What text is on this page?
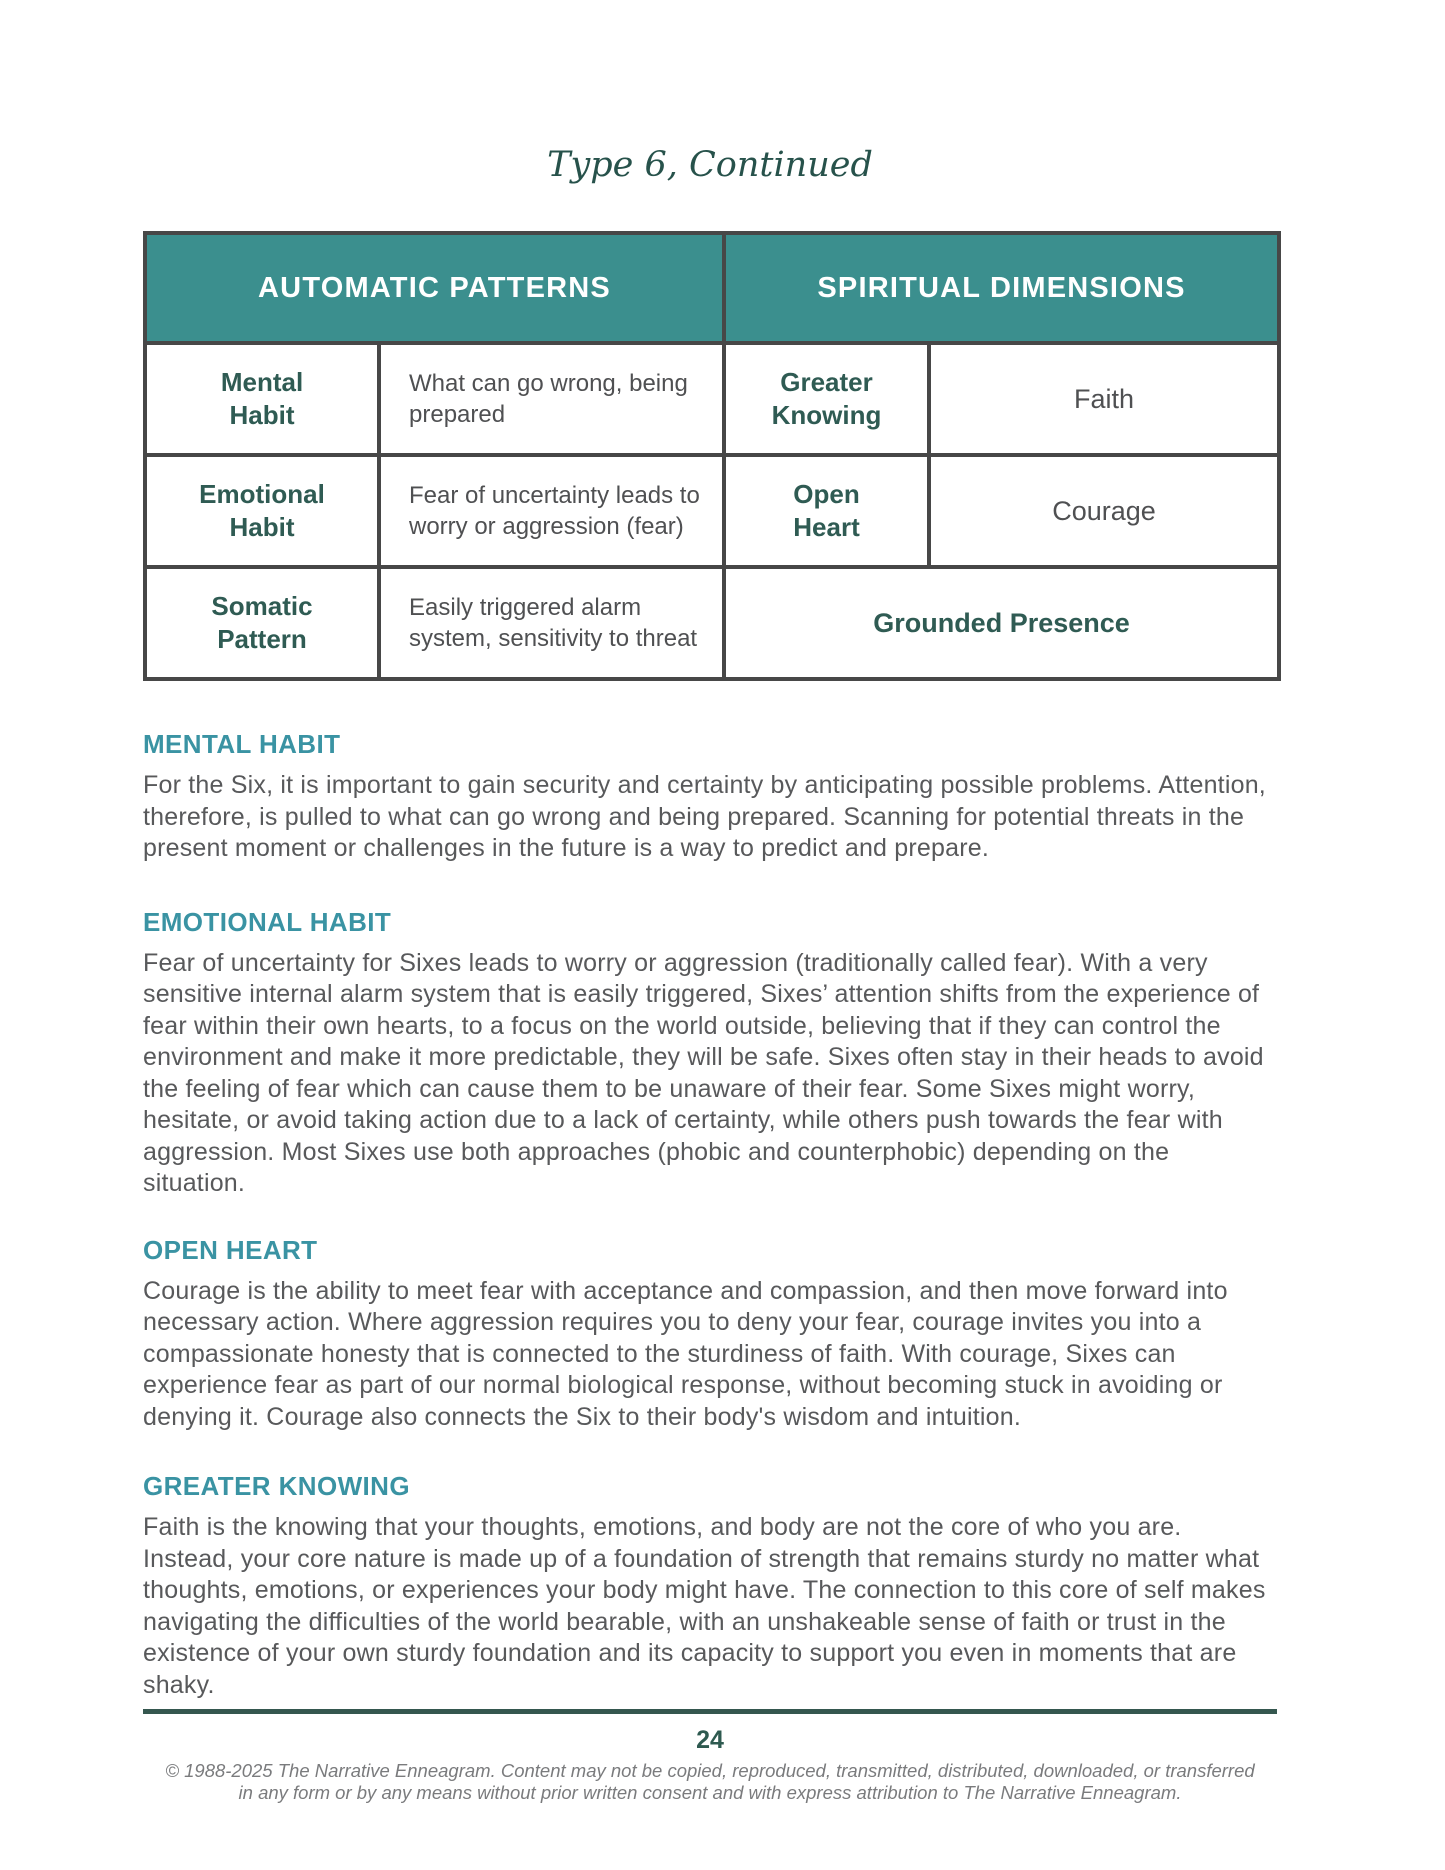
Type 6, Continued
AUTOMATIC PATTERNS		SPIRITUAL DIMENSIONS	
Mental Habit	What can go wrong, being prepared	Greater Knowing	Faith
Emotional Habit	Fear of uncertainty leads to worry or aggression (fear)	Open Heart	Courage
Somatic Pattern	Easily triggered alarm system, sensitivity to threat	Grounded Presence	
MENTAL HABIT

For the Six, it is important to gain security and certainty by anticipating possible problems. Attention, therefore, is pulled to what can go wrong and being prepared. Scanning for potential threats in the present moment or challenges in the future is a way to predict and prepare.

EMOTIONAL HABIT

Fear of uncertainty for Sixes leads to worry or aggression (traditionally called fear). With a very sensitive internal alarm system that is easily triggered, Sixes’ attention shifts from the experience of fear within their own hearts, to a focus on the world outside, believing that if they can control the environment and make it more predictable, they will be safe. Sixes often stay in their heads to avoid the feeling of fear which can cause them to be unaware of their fear. Some Sixes might worry, hesitate, or avoid taking action due to a lack of certainty, while others push towards the fear with aggression. Most Sixes use both approaches (phobic and counterphobic) depending on the situation.

OPEN HEART

Courage is the ability to meet fear with acceptance and compassion, and then move forward into necessary action. Where aggression requires you to deny your fear, courage invites you into a compassionate honesty that is connected to the sturdiness of faith. With courage, Sixes can experience fear as part of our normal biological response, without becoming stuck in avoiding or denying it. Courage also connects the Six to their body's wisdom and intuition.

GREATER KNOWING

Faith is the knowing that your thoughts, emotions, and body are not the core of who you are. Instead, your core nature is made up of a foundation of strength that remains sturdy no matter what thoughts, emotions, or experiences your body might have. The connection to this core of self makes navigating the difficulties of the world bearable, with an unshakeable sense of faith or trust in the existence of your own sturdy foundation and its capacity to support you even in moments that are shaky.

24
© 1988-2025 The Narrative Enneagram. Content may not be copied, reproduced, transmitted, distributed, downloaded, or transferred
in any form or by any means without prior written consent and with express attribution to The Narrative Enneagram.
